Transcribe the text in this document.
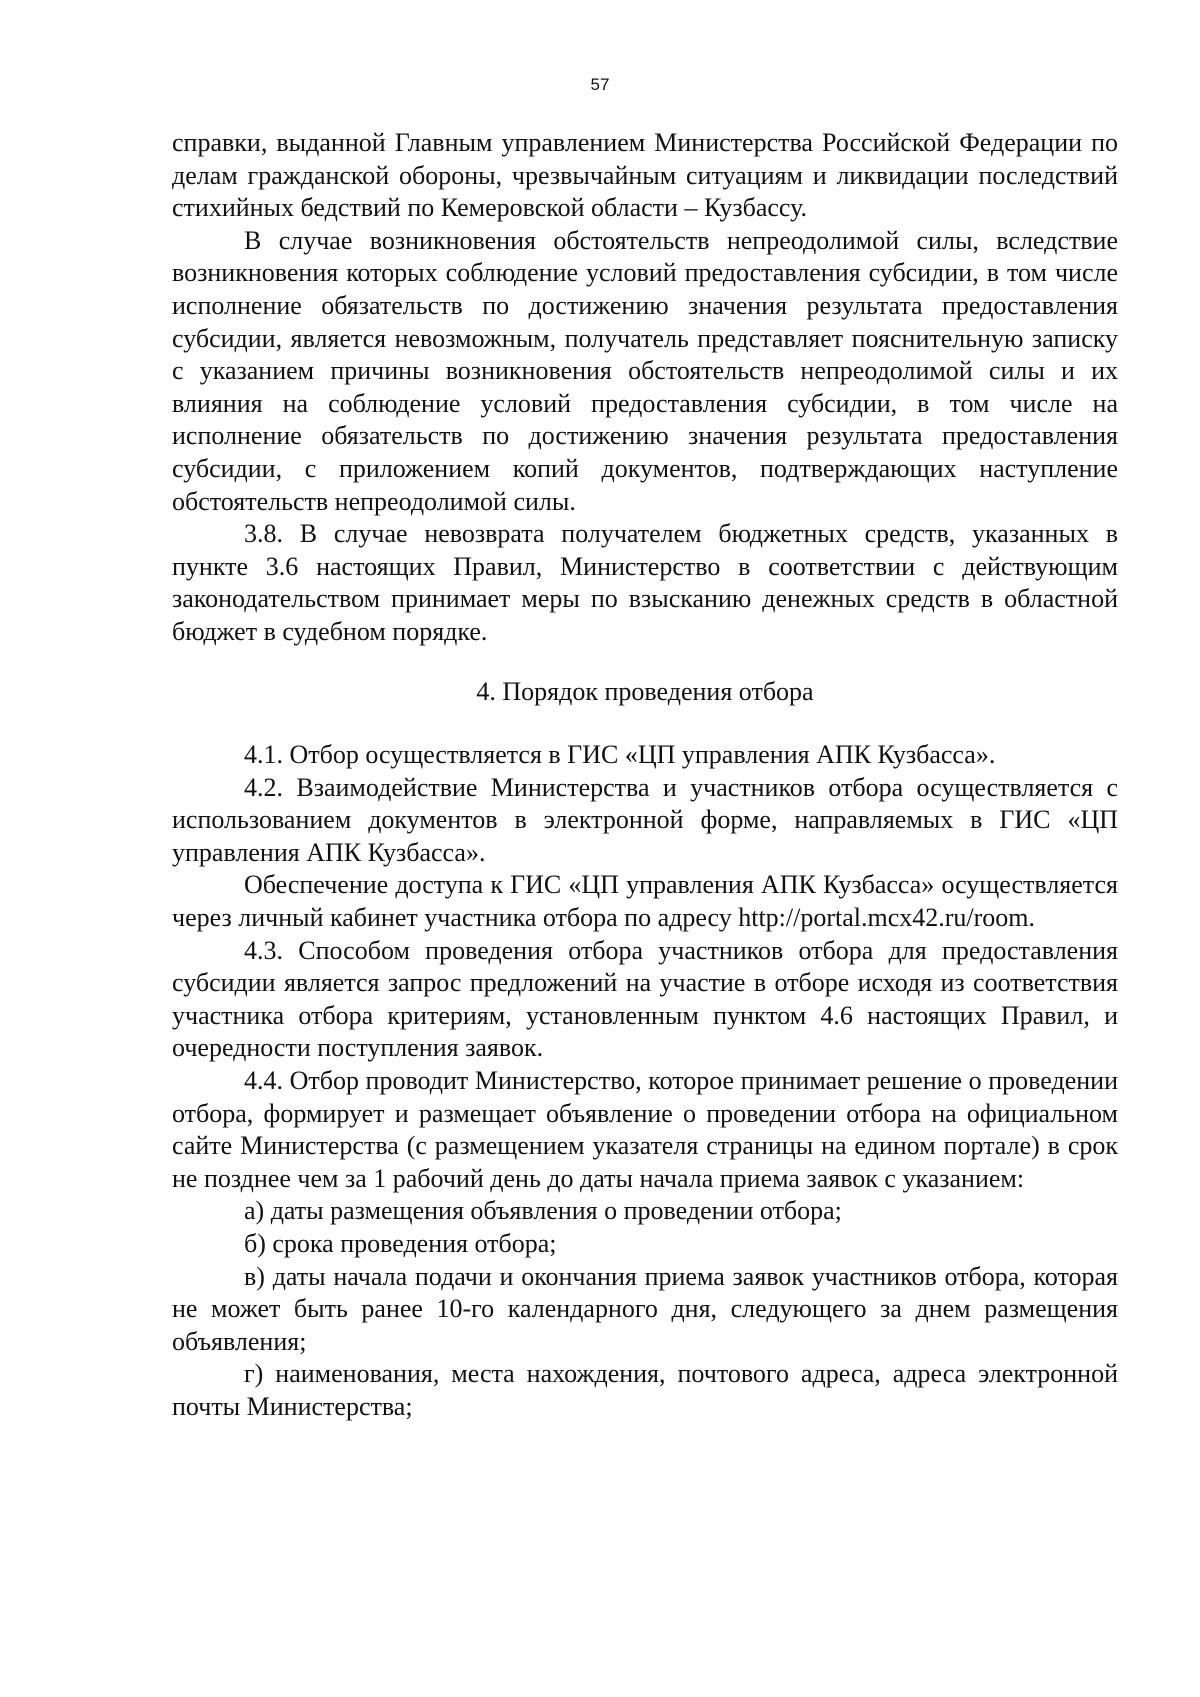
57

справки, выданной Главным управлением Министерства Российской Федерации по делам гражданской обороны, чрезвычайным ситуациям и ликвидации последствий стихийных бедствий по Кемеровской области – Кузбассу.

В случае возникновения обстоятельств непреодолимой силы, вследствие возникновения которых соблюдение условий предоставления субсидии, в том числе исполнение обязательств по достижению значения результата предоставления субсидии, является невозможным, получатель представляет пояснительную записку с указанием причины возникновения обстоятельств непреодолимой силы и их влияния на соблюдение условий предоставления субсидии, в том числе на исполнение обязательств по достижению значения результата предоставления субсидии, с приложением копий документов, подтверждающих наступление обстоятельств непреодолимой силы.

3.8. В случае невозврата получателем бюджетных средств, указанных в пункте 3.6 настоящих Правил, Министерство в соответствии с действующим законодательством принимает меры по взысканию денежных средств в областной бюджет в судебном порядке.

4. Порядок проведения отбора

4.1. Отбор осуществляется в ГИС «ЦП управления АПК Кузбасса».

4.2. Взаимодействие Министерства и участников отбора осуществляется с использованием документов в электронной форме, направляемых в ГИС «ЦП управления АПК Кузбасса».

Обеспечение доступа к ГИС «ЦП управления АПК Кузбасса» осуществляется через личный кабинет участника отбора по адресу http://portal.mcx42.ru/room.

4.3. Способом проведения отбора участников отбора для предоставления субсидии является запрос предложений на участие в отборе исходя из соответствия участника отбора критериям, установленным пунктом 4.6 настоящих Правил, и очередности поступления заявок.

4.4. Отбор проводит Министерство, которое принимает решение о проведении отбора, формирует и размещает объявление о проведении отбора на официальном сайте Министерства (с размещением указателя страницы на едином портале) в срок не позднее чем за 1 рабочий день до даты начала приема заявок с указанием:

а) даты размещения объявления о проведении отбора;

б) срока проведения отбора;

в) даты начала подачи и окончания приема заявок участников отбора, которая не может быть ранее 10-го календарного дня, следующего за днем размещения объявления;

г) наименования, места нахождения, почтового адреса, адреса электронной почты Министерства;
